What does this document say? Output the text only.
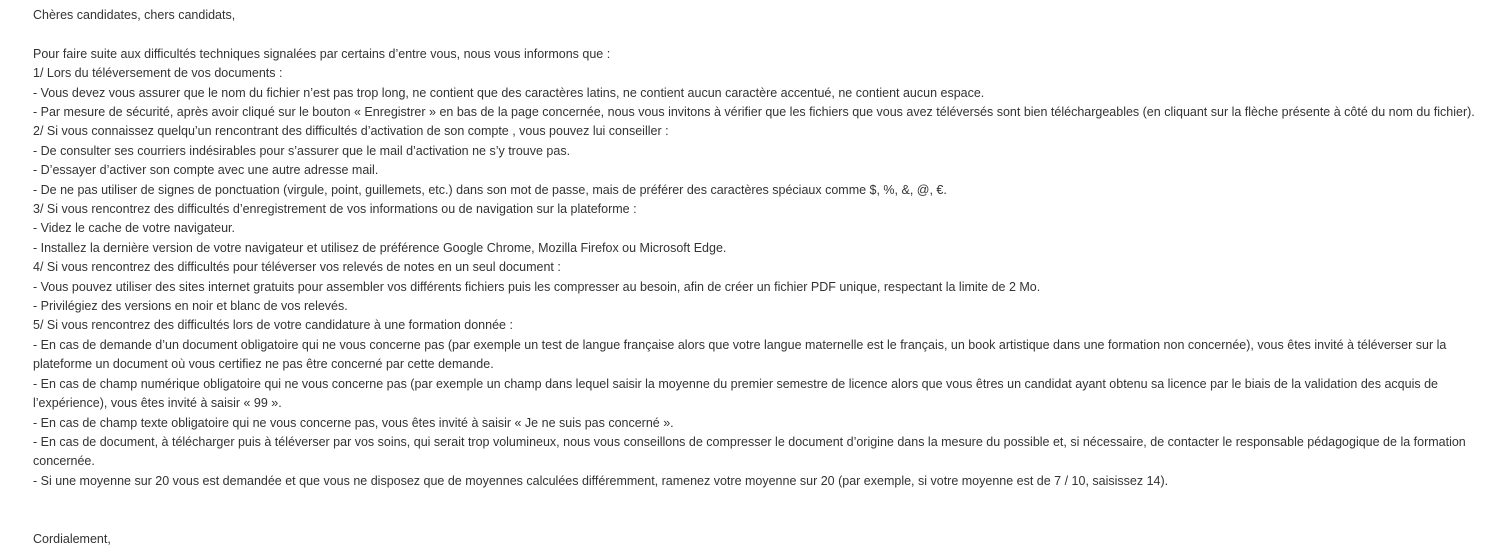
Chères candidates, chers candidats,
Pour faire suite aux difficultés techniques signalées par certains d’entre vous, nous vous informons que :
1/ Lors du téléversement de vos documents :
- Vous devez vous assurer que le nom du fichier n’est pas trop long, ne contient que des caractères latins, ne contient aucun caractère accentué, ne contient aucun espace.
- Par mesure de sécurité, après avoir cliqué sur le bouton « Enregistrer » en bas de la page concernée, nous vous invitons à vérifier que les fichiers que vous avez téléversés sont bien téléchargeables (en cliquant sur la flèche présente à côté du nom du fichier).
2/ Si vous connaissez quelqu’un rencontrant des difficultés d’activation de son compte , vous pouvez lui conseiller :
- De consulter ses courriers indésirables pour s’assurer que le mail d’activation ne s’y trouve pas.
- D’essayer d’activer son compte avec une autre adresse mail.
- De ne pas utiliser de signes de ponctuation (virgule, point, guillemets, etc.) dans son mot de passe, mais de préférer des caractères spéciaux comme $, %, &, @, €.
3/ Si vous rencontrez des difficultés d’enregistrement de vos informations ou de navigation sur la plateforme :
- Videz le cache de votre navigateur.
- Installez la dernière version de votre navigateur et utilisez de préférence Google Chrome, Mozilla Firefox ou Microsoft Edge.
4/ Si vous rencontrez des difficultés pour téléverser vos relevés de notes en un seul document :
- Vous pouvez utiliser des sites internet gratuits pour assembler vos différents fichiers puis les compresser au besoin, afin de créer un fichier PDF unique, respectant la limite de 2 Mo.
- Privilégiez des versions en noir et blanc de vos relevés.
5/ Si vous rencontrez des difficultés lors de votre candidature à une formation donnée :
- En cas de demande d’un document obligatoire qui ne vous concerne pas (par exemple un test de langue française alors que votre langue maternelle est le français, un book artistique dans une formation non concernée), vous êtes invité à téléverser sur la plateforme un document où vous certifiez ne pas être concerné par cette demande.
- En cas de champ numérique obligatoire qui ne vous concerne pas (par exemple un champ dans lequel saisir la moyenne du premier semestre de licence alors que vous êtres un candidat ayant obtenu sa licence par le biais de la validation des acquis de l’expérience), vous êtes invité à saisir « 99 ».
- En cas de champ texte obligatoire qui ne vous concerne pas, vous êtes invité à saisir « Je ne suis pas concerné ».
- En cas de document, à télécharger puis à téléverser par vos soins, qui serait trop volumineux, nous vous conseillons de compresser le document d’origine dans la mesure du possible et, si nécessaire, de contacter le responsable pédagogique de la formation concernée.
- Si une moyenne sur 20 vous est demandée et que vous ne disposez que de moyennes calculées différemment, ramenez votre moyenne sur 20 (par exemple, si votre moyenne est de 7 / 10, saisissez 14).
Cordialement,
